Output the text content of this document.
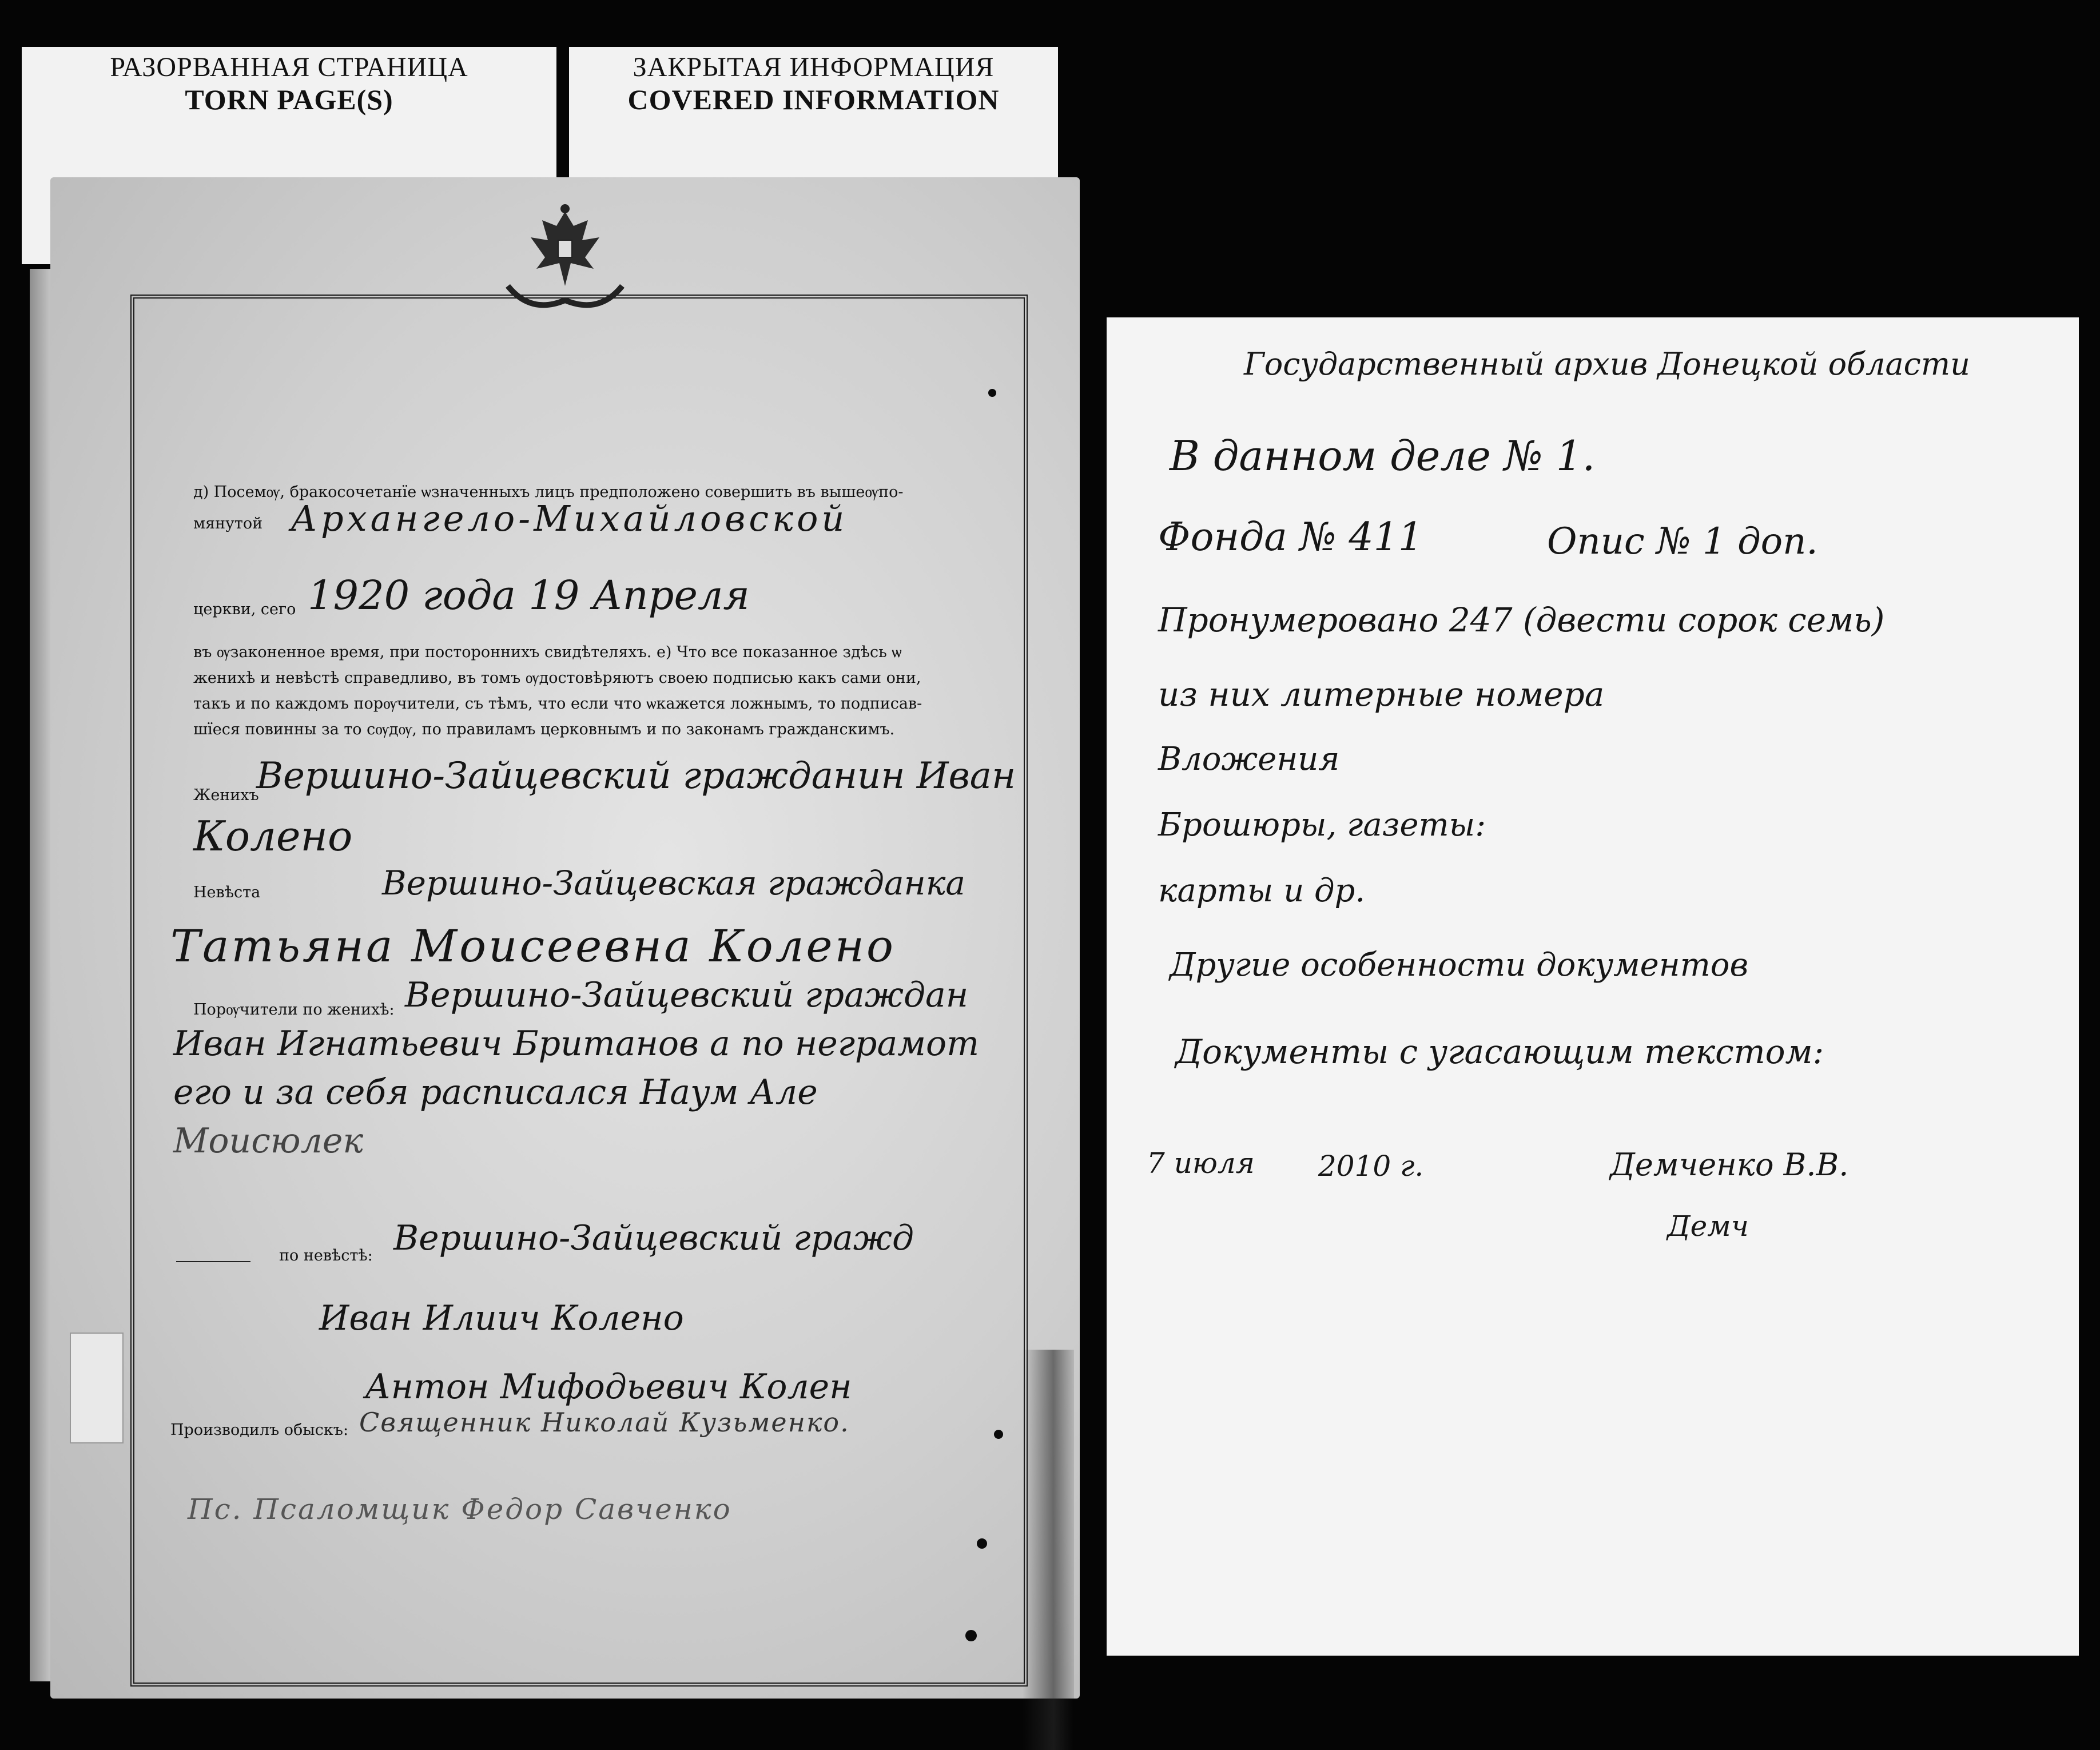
РАЗОРВАННАЯ СТРАНИЦА
TORN PAGE(S)
ЗАКРЫТАЯ ИНФОРМАЦИЯ
COVERED INFORMATION
д) Посемѹ, бракосочетанїе ѡзначенныхъ лицъ предположено совершить въ вышеѹпо-
мянутой Архангело-Михайловской
церкви, сего 1920 года 19 Апреля
въ ѹзаконенное время, при постороннихъ свидѣтеляхъ. е) Что все показанное здѣсь ѡ
женихѣ и невѣстѣ справедливо, въ томъ ѹдостовѣряютъ своею подписью какъ сами они,
такъ и по каждомъ порѹчители, съ тѣмъ, что если что ѡкажется ложнымъ, то подписав-
шїеся повинны за то сѹдѹ, по правиламъ церковнымъ и по законамъ гражданскимъ.
Женихъ
Вершино-Зайцевский гражданин Иван
Колено
Невѣста	Вершино-Зайцевская гражданка
Татьяна Моисеевна Колено
Порѹчители по женихѣ: Вершино-Зайцевский граждан
Иван Игнатьевич Британов а по неграмот
его и за себя расписался Наум Але
Моисюлек
по невѣстѣ: Вершино-Зайцевский гражд
Иван Илиич Колено
Антон Мифодьевич Колен
Производилъ обыскъ: Священник Николай Кузьменко.
Пс. Псаломщик Федор Савченко
Государственный архив Донецкой области
В данном деле № 1.
Фонда № 411	Опис № 1 доп.
Пронумеровано 247 (двести сорок семь)
из них литерные номера
Вложения
Брошюры, газеты:
карты и др.
Другие особенности документов
Документы с угасающим текстом:
7 июля 2010 г.	Демченко В.В.
Демч
